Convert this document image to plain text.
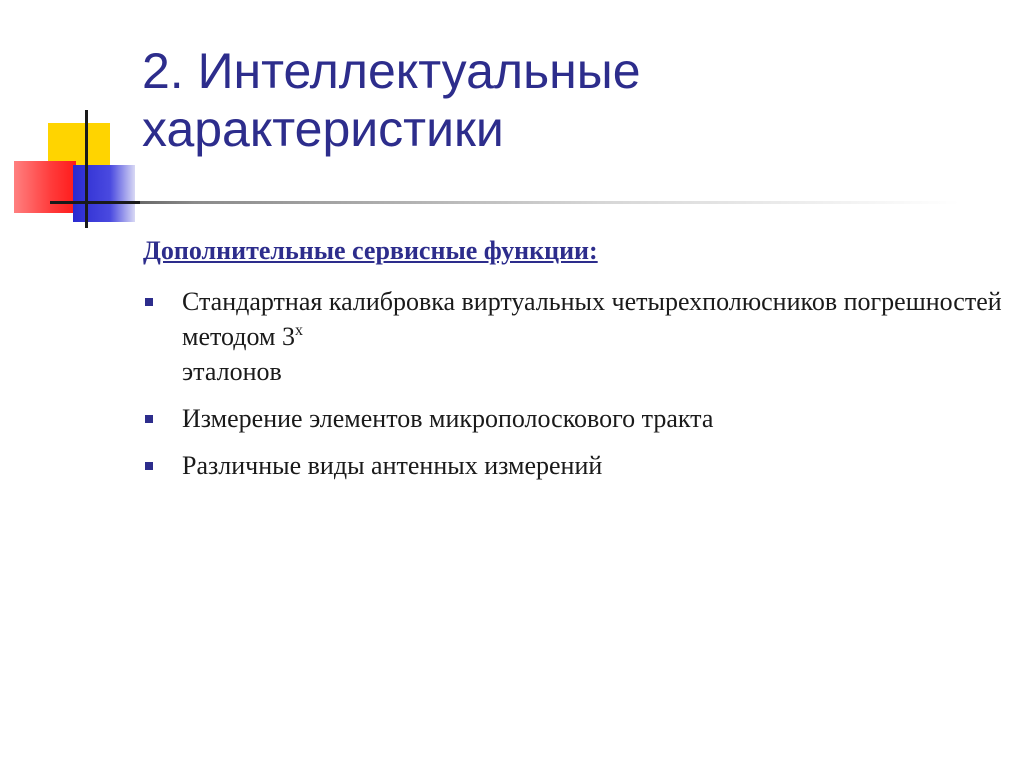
2. Интеллектуальные
характеристики
Дополнительные сервисные функции:
Стандартная калибровка виртуальных четырехполюсников погрешностей методом $3^х$
эталонов
Измерение элементов микрополоскового тракта
Различные виды антенных измерений
